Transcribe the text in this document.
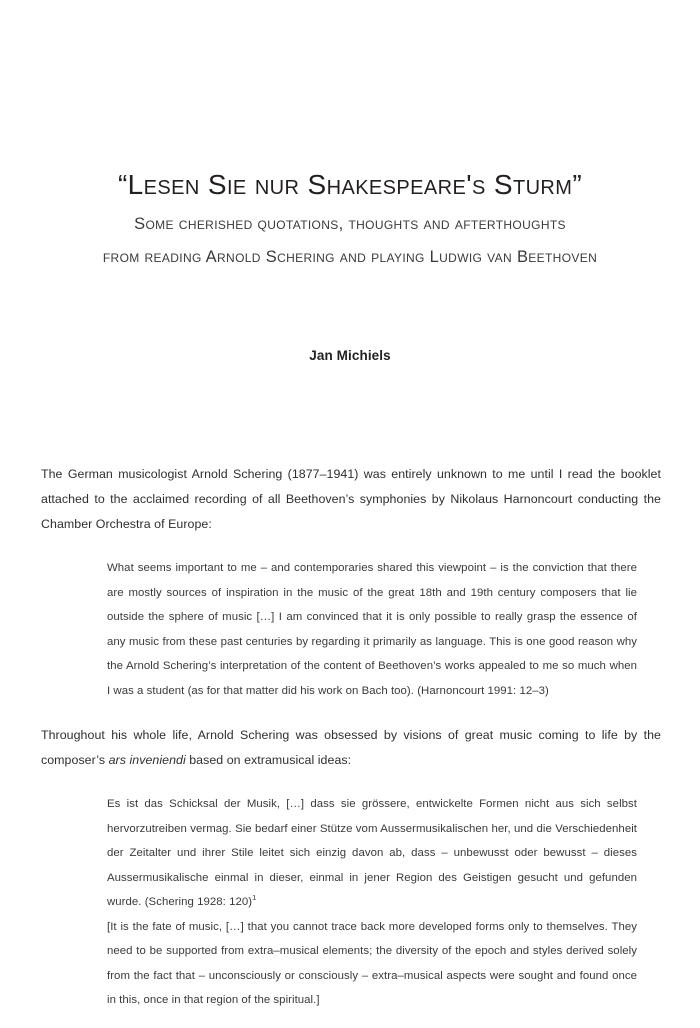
“Lesen Sie nur Shakespeare's Sturm”
Some cherished quotations, thoughts and afterthoughts
from reading Arnold Schering and playing Ludwig van Beethoven
Jan Michiels

The German musicologist Arnold Schering (1877–1941) was entirely unknown to me until I read the booklet attached to the acclaimed recording of all Beethoven’s symphonies by Nikolaus Harnoncourt conducting the Chamber Orchestra of Europe:

What seems important to me – and contemporaries shared this viewpoint – is the conviction that there are mostly sources of inspiration in the music of the great 18th and 19th century composers that lie outside the sphere of music […] I am convinced that it is only possible to really grasp the essence of any music from these past centuries by regarding it primarily as language. This is one good reason why the Arnold Schering’s interpretation of the content of Beethoven’s works appealed to me so much when I was a student (as for that matter did his work on Bach too). (Harnoncourt 1991: 12–3)

Throughout his whole life, Arnold Schering was obsessed by visions of great music coming to life by the composer’s ars inveniendi based on extramusical ideas:

Es ist das Schicksal der Musik, […] dass sie grössere, entwickelte Formen nicht aus sich selbst hervorzutreiben vermag. Sie bedarf einer Stütze vom Aussermusikalischen her, und die Verschiedenheit der Zeitalter und ihrer Stile leitet sich einzig davon ab, dass – unbewusst oder bewusst – dieses Aussermusikalische einmal in dieser, einmal in jener Region des Geistigen gesucht und gefunden wurde. (Schering 1928: 120)$^1$

[It is the fate of music, […] that you cannot trace back more developed forms only to themselves. They need to be supported from extra–musical elements; the diversity of the epoch and styles derived solely from the fact that – unconsciously or consciously – extra–musical aspects were sought and found once in this, once in that region of the spiritual.]
